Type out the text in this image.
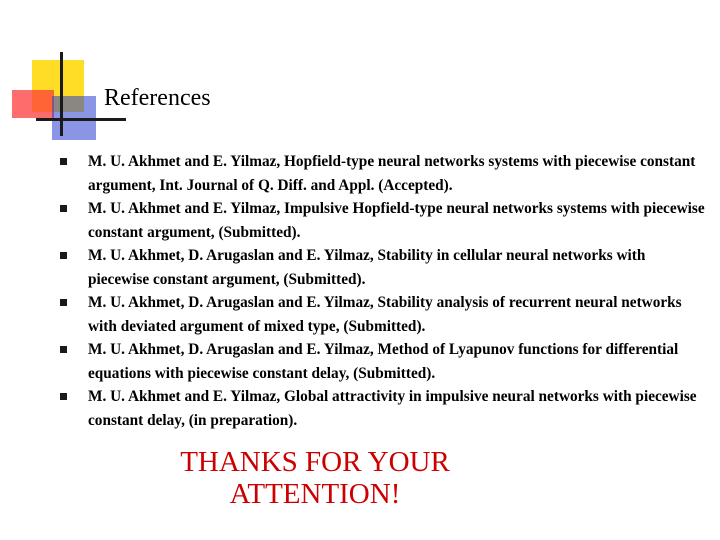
References
M. U. Akhmet and E. Yilmaz, Hopfield-type neural networks systems with piecewise constant argument, Int. Journal of Q. Diff. and Appl. (Accepted).
M. U. Akhmet and E. Yilmaz, Impulsive Hopfield-type neural networks systems with piecewise constant argument, (Submitted).
M. U. Akhmet, D. Arugaslan and E. Yilmaz, Stability in cellular neural networks with piecewise constant argument, (Submitted).
M. U. Akhmet, D. Arugaslan and E. Yilmaz, Stability analysis of recurrent neural networks with deviated argument of mixed type, (Submitted).
M. U. Akhmet, D. Arugaslan and E. Yilmaz, Method of Lyapunov functions for differential equations with piecewise constant delay, (Submitted).
M. U. Akhmet and E. Yilmaz, Global attractivity in impulsive neural networks with piecewise constant delay, (in preparation).
THANKS FOR YOUR
ATTENTION!
